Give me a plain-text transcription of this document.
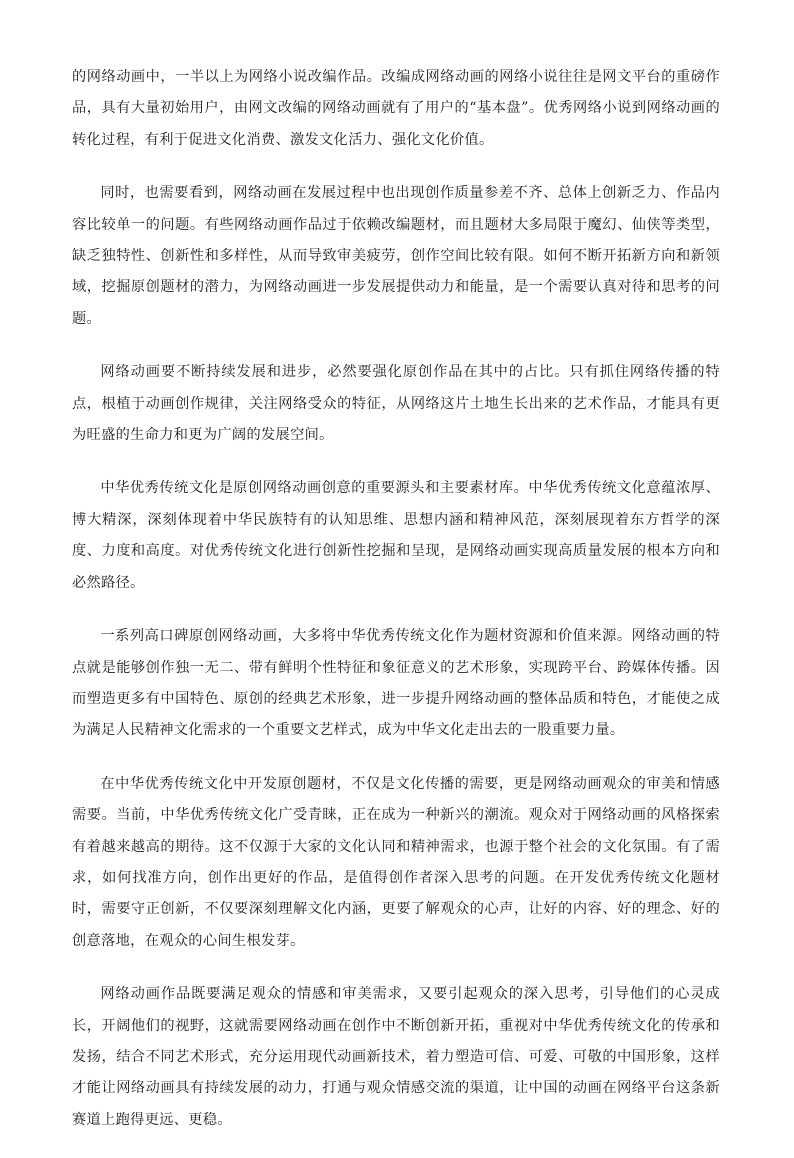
的网络动画中，一半以上为网络小说改编作品。改编成网络动画的网络小说往往是网文平台的重磅作品，具有大量初始用户，由网文改编的网络动画就有了用户的“基本盘”。优秀网络小说到网络动画的转化过程，有利于促进文化消费、激发文化活力、强化文化价值。

同时，也需要看到，网络动画在发展过程中也出现创作质量参差不齐、总体上创新乏力、作品内容比较单一的问题。有些网络动画作品过于依赖改编题材，而且题材大多局限于魔幻、仙侠等类型，缺乏独特性、创新性和多样性，从而导致审美疲劳，创作空间比较有限。如何不断开拓新方向和新领域，挖掘原创题材的潜力，为网络动画进一步发展提供动力和能量，是一个需要认真对待和思考的问题。

网络动画要不断持续发展和进步，必然要强化原创作品在其中的占比。只有抓住网络传播的特点，根植于动画创作规律，关注网络受众的特征，从网络这片土地生长出来的艺术作品，才能具有更为旺盛的生命力和更为广阔的发展空间。

中华优秀传统文化是原创网络动画创意的重要源头和主要素材库。中华优秀传统文化意蕴浓厚、博大精深，深刻体现着中华民族特有的认知思维、思想内涵和精神风范，深刻展现着东方哲学的深度、力度和高度。对优秀传统文化进行创新性挖掘和呈现，是网络动画实现高质量发展的根本方向和必然路径。

一系列高口碑原创网络动画，大多将中华优秀传统文化作为题材资源和价值来源。网络动画的特点就是能够创作独一无二、带有鲜明个性特征和象征意义的艺术形象，实现跨平台、跨媒体传播。因而塑造更多有中国特色、原创的经典艺术形象，进一步提升网络动画的整体品质和特色，才能使之成为满足人民精神文化需求的一个重要文艺样式，成为中华文化走出去的一股重要力量。

在中华优秀传统文化中开发原创题材，不仅是文化传播的需要，更是网络动画观众的审美和情感需要。当前，中华优秀传统文化广受青睐，正在成为一种新兴的潮流。观众对于网络动画的风格探索有着越来越高的期待。这不仅源于大家的文化认同和精神需求，也源于整个社会的文化氛围。有了需求，如何找准方向，创作出更好的作品，是值得创作者深入思考的问题。在开发优秀传统文化题材时，需要守正创新，不仅要深刻理解文化内涵，更要了解观众的心声，让好的内容、好的理念、好的创意落地，在观众的心间生根发芽。

网络动画作品既要满足观众的情感和审美需求，又要引起观众的深入思考，引导他们的心灵成长，开阔他们的视野，这就需要网络动画在创作中不断创新开拓，重视对中华优秀传统文化的传承和发扬，结合不同艺术形式，充分运用现代动画新技术，着力塑造可信、可爱、可敬的中国形象，这样才能让网络动画具有持续发展的动力，打通与观众情感交流的渠道，让中国的动画在网络平台这条新赛道上跑得更远、更稳。
